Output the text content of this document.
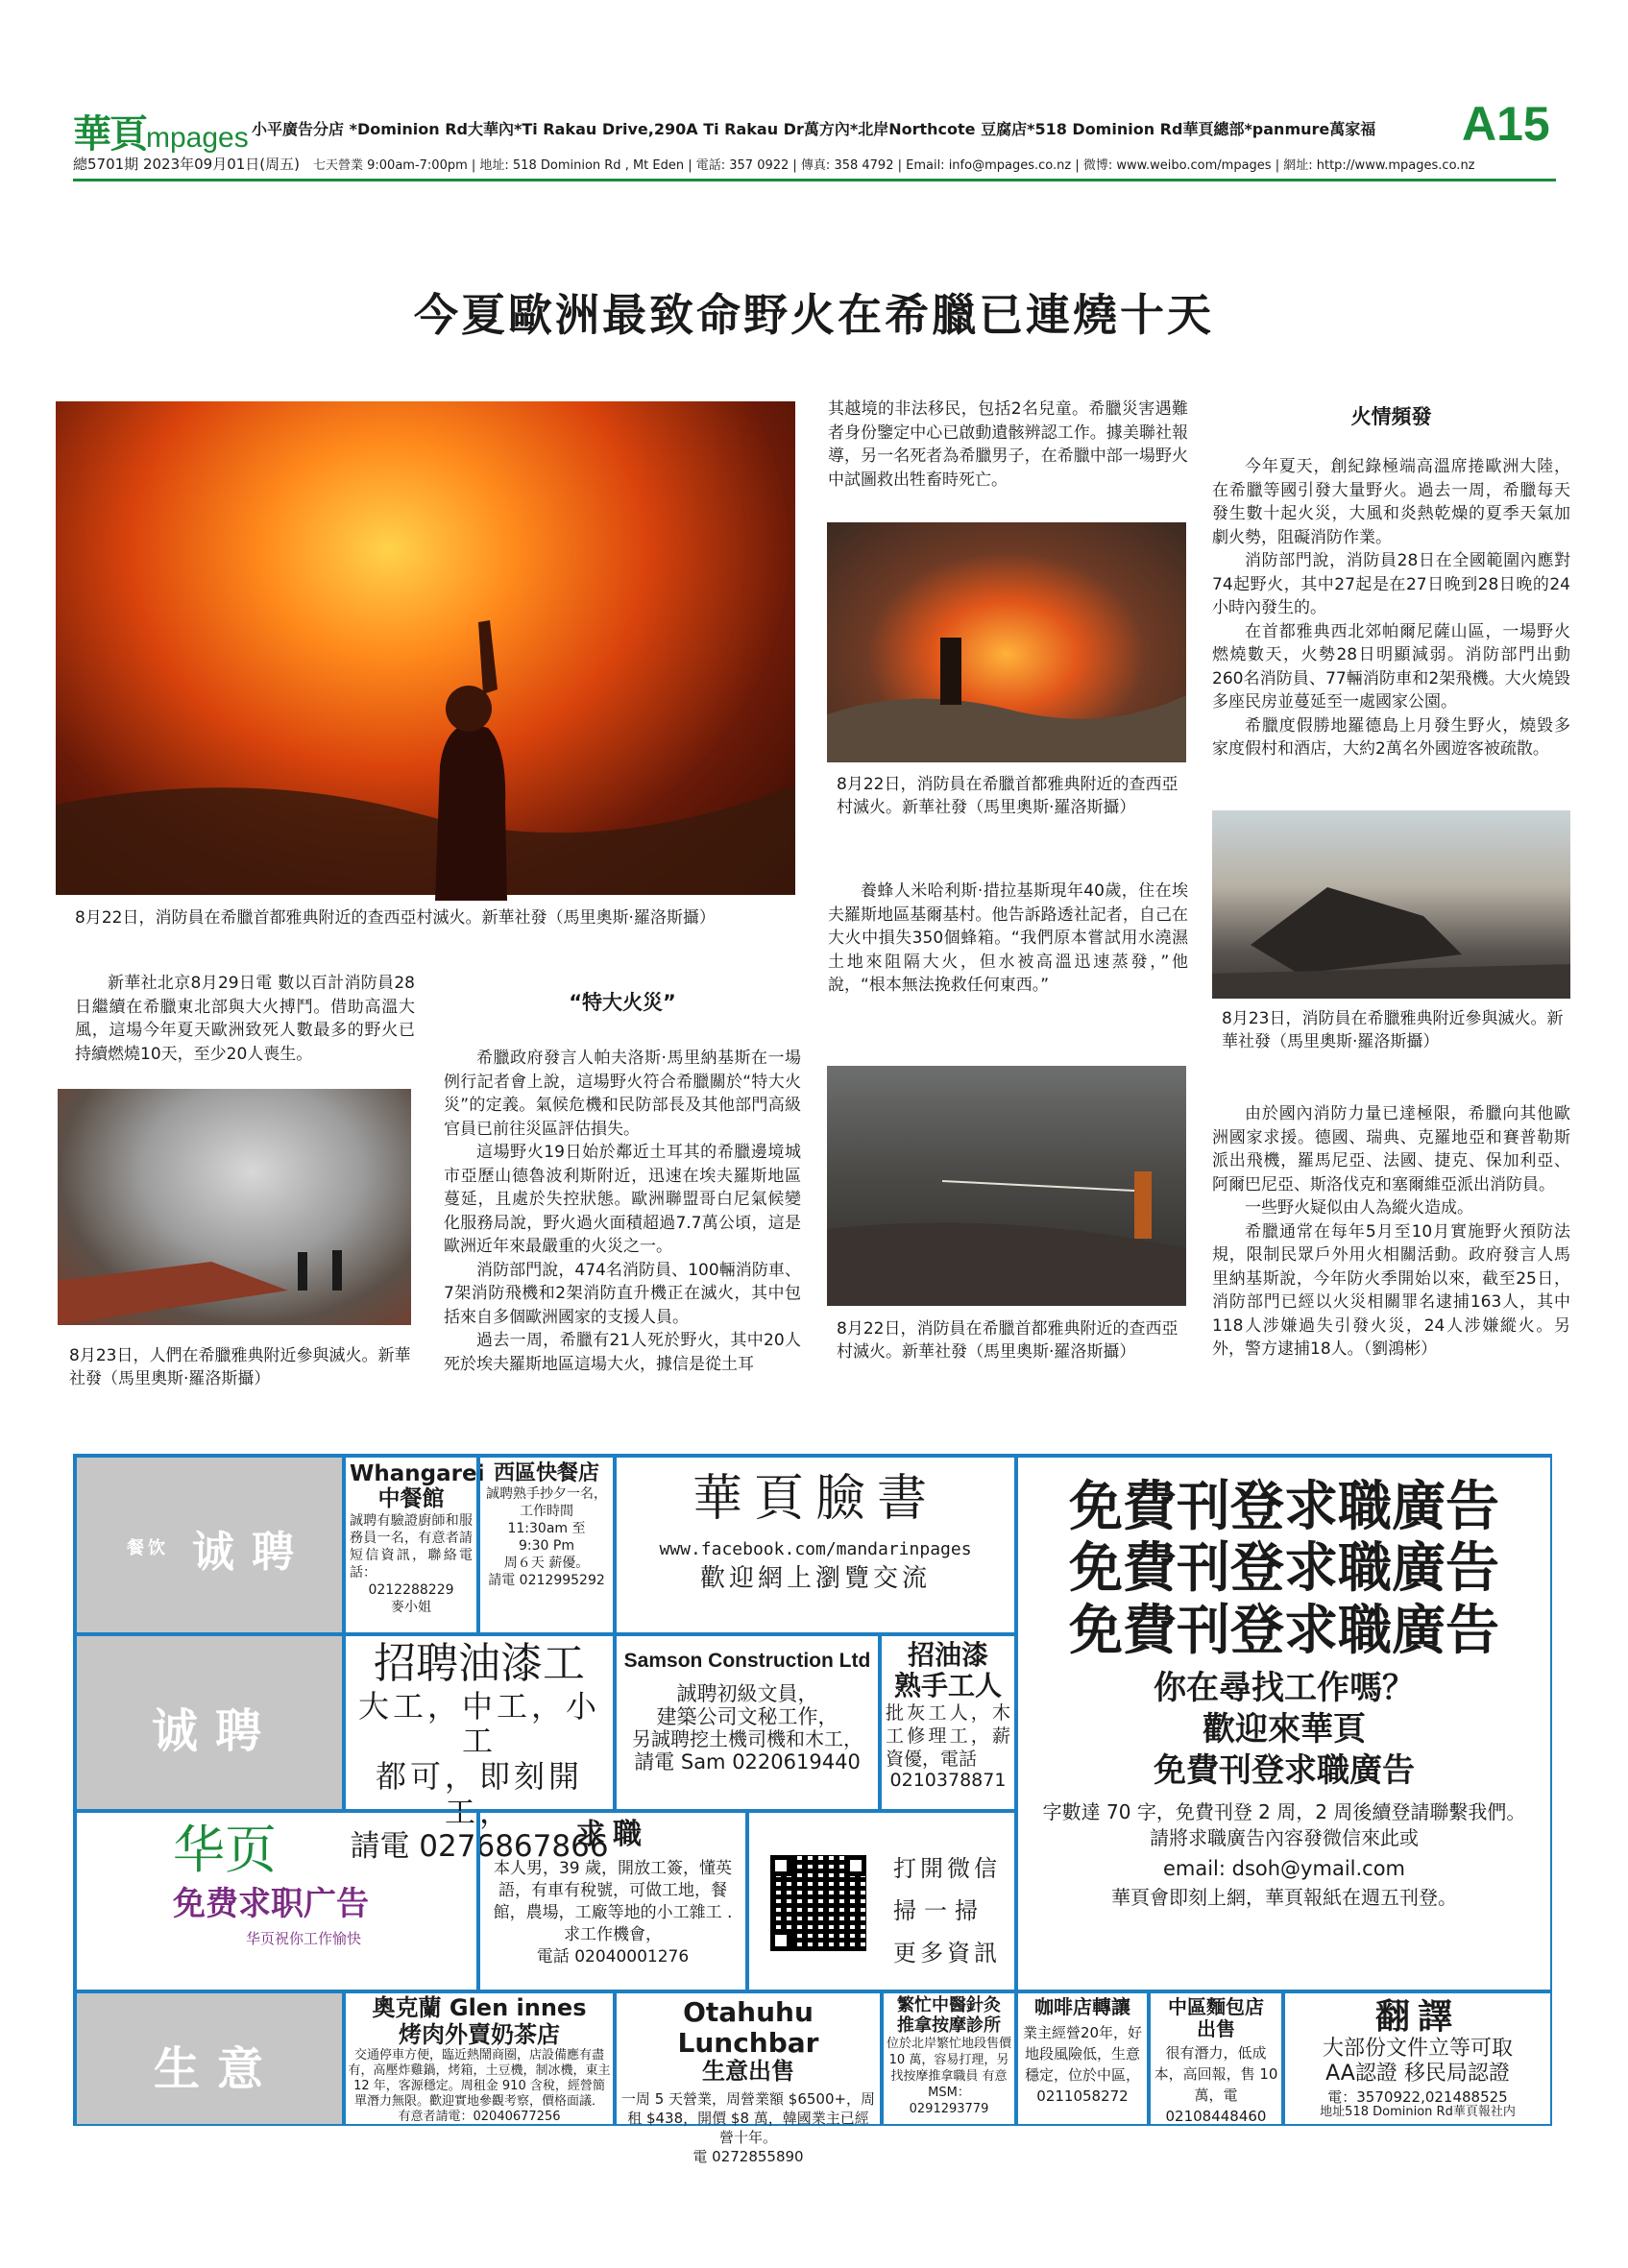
華頁mpages 小平廣告分店 *Dominion Rd大華內*Ti Rakau Drive,290A Ti Rakau Dr萬方內*北岸Northcote 豆腐店*518 Dominion Rd華頁總部*panmure萬家福
總5701期 2023年09月01日(周五) 七天營業 9:00am-7:00pm | 地址: 518 Dominion Rd , Mt Eden | 電話: 357 0922 | 傳真: 358 4792 | Email: info@mpages.co.nz | 微博: www.weibo.com/mpages | 網址: http://www.mpages.co.nz
A15
今夏歐洲最致命野火在希臘已連燒十天
8月22日，消防員在希臘首都雅典附近的查西亞村滅火。新華社發（馬里奧斯·羅洛斯攝）
8月22日，消防員在希臘首都雅典附近的查西亞村滅火。新華社發（馬里奧斯·羅洛斯攝）
8月23日，消防員在希臘雅典附近參與滅火。新華社發（馬里奧斯·羅洛斯攝）
8月23日，人們在希臘雅典附近參與滅火。新華社發（馬里奧斯·羅洛斯攝）
8月22日，消防員在希臘首都雅典附近的查西亞村滅火。新華社發（馬里奧斯·羅洛斯攝）

新華社北京8月29日電 數以百計消防員28日繼續在希臘東北部與大火搏鬥。借助高溫大風，這場今年夏天歐洲致死人數最多的野火已持續燃燒10天，至少20人喪生。

“特大火災”

希臘政府發言人帕夫洛斯·馬里納基斯在一場例行記者會上說，這場野火符合希臘關於“特大火災”的定義。氣候危機和民防部長及其他部門高級官員已前往災區評估損失。

這場野火19日始於鄰近土耳其的希臘邊境城市亞歷山德魯波利斯附近，迅速在埃夫羅斯地區蔓延，且處於失控狀態。歐洲聯盟哥白尼氣候變化服務局說，野火過火面積超過7.7萬公頃，這是歐洲近年來最嚴重的火災之一。

消防部門說，474名消防員、100輛消防車、7架消防飛機和2架消防直升機正在滅火，其中包括來自多個歐洲國家的支援人員。

過去一周，希臘有21人死於野火，其中20人死於埃夫羅斯地區這場大火，據信是從土耳

其越境的非法移民，包括2名兒童。希臘災害遇難者身份鑒定中心已啟動遺骸辨認工作。據美聯社報導，另一名死者為希臘男子，在希臘中部一場野火中試圖救出牲畜時死亡。

養蜂人米哈利斯·措拉基斯現年40歲，住在埃夫羅斯地區基爾基村。他告訴路透社記者，自己在大火中損失350個蜂箱。“我們原本嘗試用水澆濕土地來阻隔大火，但水被高溫迅速蒸發，”他說，“根本無法挽救任何東西。”

火情頻發

今年夏天，創紀錄極端高溫席捲歐洲大陸，在希臘等國引發大量野火。過去一周，希臘每天發生數十起火災，大風和炎熱乾燥的夏季天氣加劇火勢，阻礙消防作業。

消防部門說，消防員28日在全國範圍內應對74起野火，其中27起是在27日晚到28日晚的24小時內發生的。

在首都雅典西北郊帕爾尼薩山區，一場野火燃燒數天，火勢28日明顯減弱。消防部門出動260名消防員、77輛消防車和2架飛機。大火燒毀多座民房並蔓延至一處國家公園。

希臘度假勝地羅德島上月發生野火，燒毀多家度假村和酒店，大約2萬名外國遊客被疏散。

由於國內消防力量已達極限，希臘向其他歐洲國家求援。德國、瑞典、克羅地亞和賽普勒斯派出飛機，羅馬尼亞、法國、捷克、保加利亞、阿爾巴尼亞、斯洛伐克和塞爾維亞派出消防員。

一些野火疑似由人為縱火造成。

希臘通常在每年5月至10月實施野火預防法規，限制民眾戶外用火相關活動。政府發言人馬里納基斯說，今年防火季開始以來，截至25日，消防部門已經以火災相關罪名逮捕163人，其中118人涉嫌過失引發火災，24人涉嫌縱火。另外，警方逮捕18人。（劉鴻彬）

餐饮 诚聘
Whangarei
中餐館
誠聘有驗證廚師和服務員一名，有意者請短信資訊，聯絡電話：
0212288229
麥小姐
西區快餐店
誠聘熟手抄夕一名，
工作時間
11:30am 至
9:30 Pm
周６天 薪優。
請電 0212995292
華頁臉書
www.facebook.com/mandarinpages
歡迎網上瀏覽交流
免費刊登求職廣告
免費刊登求職廣告
免費刊登求職廣告
你在尋找工作嗎？
歡迎來華頁
免費刊登求職廣告
字數達 70 字，免費刊登 2 周，2 周後續登請聯繫我們。
請將求職廣告內容發微信來此或
email: dsoh@ymail.com
華頁會即刻上網，華頁報紙在週五刊登。
诚聘
招聘油漆工
大工，中工，小工
都可，即刻開工，
請電 0276867866
Samson Construction Ltd
誠聘初級文員，
建築公司文秘工作，
另誠聘挖土機司機和木工，
請電 Sam 0220619440
招油漆
熟手工人
批灰工人，木工修理工，薪資優，電話
0210378871
华页
免费求职广告
华页祝你工作愉快
求職
本人男，39 歲，開放工簽，懂英語，有車有稅號，可做工地，餐館，農場，工廠等地的小工雜工 .求工作機會，
電話 02040001276
打開微信
掃一掃
更多資訊
生意
奧克蘭 Glen innes
烤肉外賣奶茶店
交通停車方便，臨近熱鬧商圈，店設備應有盡有，高壓炸雞鍋，烤箱，土豆機，制冰機，東主 12 年，客源穩定。周租金 910 含稅，經營簡單潛力無限。歡迎實地參觀考察，價格面議．
有意者請電：02040677256
Otahuhu Lunchbar
生意出售
一周 5 天營業，周營業額 $6500+，周租 $438，開價 $8 萬，韓國業主已經營十年。
電 0272855890
繁忙中醫針灸
推拿按摩診所
位於北岸繁忙地段售價 10 萬，容易打理，另找按摩推拿職員 有意 MSM：
0291293779
咖啡店轉讓
業主經營20年，好地段風險低，生意穩定，位於中區，
0211058272
中區麵包店
出售
很有潛力，低成本，高回報，售 10 萬，電
02108448460
翻譯
大部份文件立等可取
AA認證 移民局認證
電：3570922,021488525
地址518 Dominion Rd華頁報社内
